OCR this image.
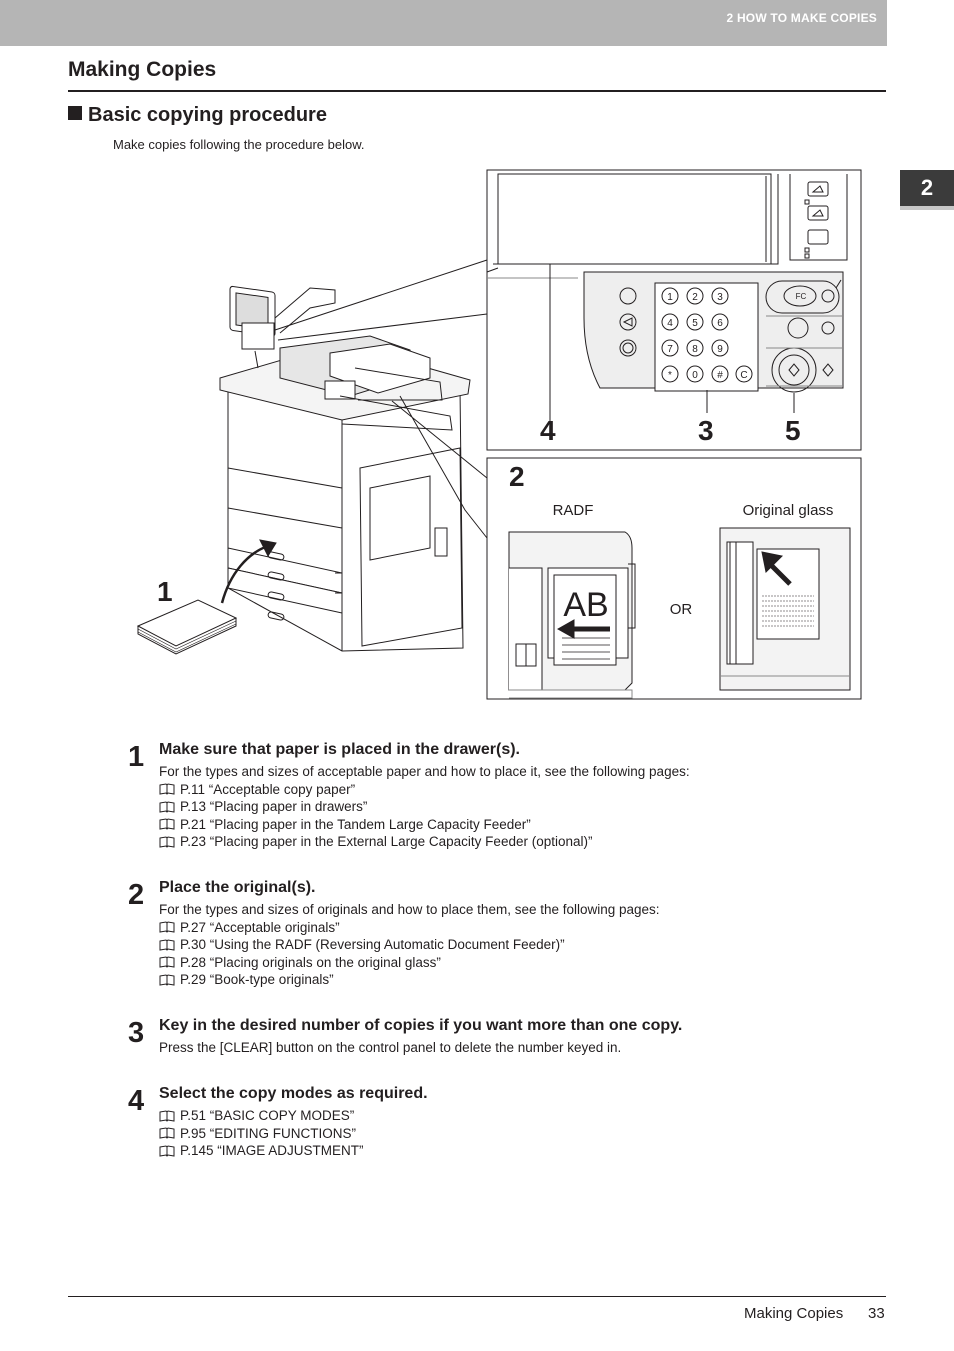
2 HOW TO MAKE COPIES
2
Making Copies
Basic copying procedure
Make copies following the procedure below.
1 2 3
4 5 6
7 8 9
* 0 # C
FC
1
2
3
4	5
RADF	Original glass
OR
AB
1 Make sure that paper is placed in the drawer(s).
For the types and sizes of acceptable paper and how to place it, see the following pages:
P.11 “Acceptable copy paper”
P.13 “Placing paper in drawers”
P.21 “Placing paper in the Tandem Large Capacity Feeder”
P.23 “Placing paper in the External Large Capacity Feeder (optional)”
2 Place the original(s).
For the types and sizes of originals and how to place them, see the following pages:
P.27 “Acceptable originals”
P.30 “Using the RADF (Reversing Automatic Document Feeder)”
P.28 “Placing originals on the original glass”
P.29 “Book-type originals”
3 Key in the desired number of copies if you want more than one copy.
Press the [CLEAR] button on the control panel to delete the number keyed in.
4 Select the copy modes as required.
P.51 “BASIC COPY MODES”
P.95 “EDITING FUNCTIONS”
P.145 “IMAGE ADJUSTMENT”
Making Copies 33
